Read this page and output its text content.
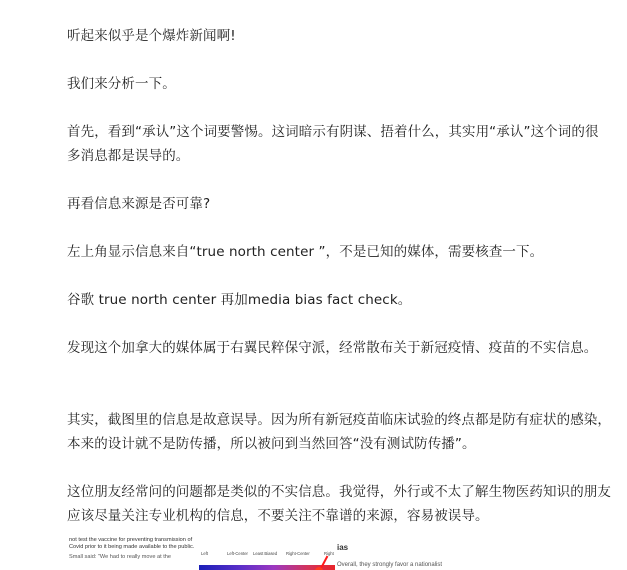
听起来似乎是个爆炸新闻啊!

我们来分析一下。

首先，看到“承认”这个词要警惕。这词暗示有阴谋、捂着什么，其实用“承认”这个词的很多消息都是误导的。

再看信息来源是否可靠?

左上角显示信息来自“true north center ”，不是已知的媒体，需要核查一下。

谷歌 true north center 再加media bias fact check。

发现这个加拿大的媒体属于右翼民粹保守派，经常散布关于新冠疫情、疫苗的不实信息。

其实，截图里的信息是故意误导。因为所有新冠疫苗临床试验的终点都是防有症状的感染，本来的设计就不是防传播，所以被问到当然回答“没有测试防传播”。

这位朋友经常问的问题都是类似的不实信息。我觉得，外行或不太了解生物医药知识的朋友应该尽量关注专业机构的信息，不要关注不靠谱的来源，容易被误导。

not test the vaccine for preventing transmission of Covid prior to it being made available to the public.
Small said: "We had to really move at the
Left	Left-Center Least Biased Right-Center	Right
ias
Overall, they strongly favor a nationalist
